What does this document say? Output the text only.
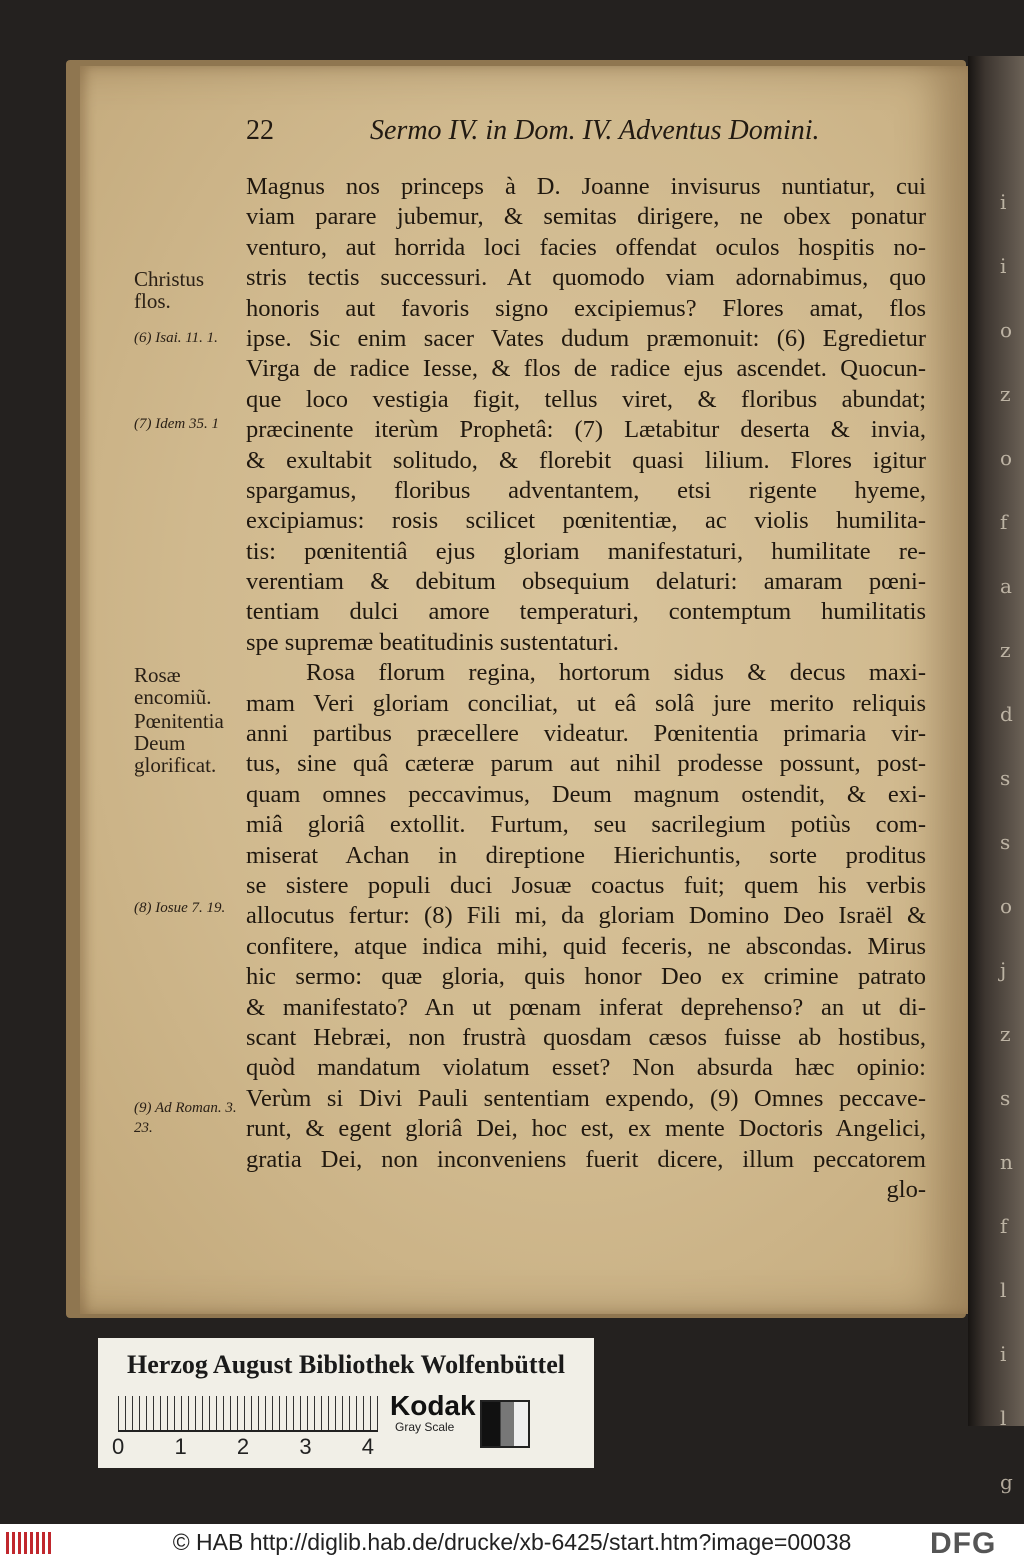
i
i
o
z
o
f
a
z
d
s
s
o
j
z
s
n
f
l
i
l
g
22	Sermo IV. in Dom. IV. Adventus Domini.
Christus flos.
(6) Isai. 11. 1.
(7) Idem 35. 1
Rosæ encomiũ.
Pœnitentia Deum glorificat.
(8) Iosue 7. 19.
(9) Ad Roman. 3. 23.
Magnus nos princeps à D. Joanne invisurus nuntiatur, cui
viam parare jubemur, & semitas dirigere, ne obex ponatur
venturo, aut horrida loci facies offendat oculos hospitis no-
stris tectis successuri. At quomodo viam adornabimus, quo
honoris aut favoris signo excipiemus? Flores amat, flos
ipse. Sic enim sacer Vates dudum præmonuit: (6) Egredietur
Virga de radice Iesse, & flos de radice ejus ascendet. Quocun-
que loco vestigia figit, tellus viret, & floribus abundat;
præcinente iterùm Prophetâ: (7) Lætabitur deserta & invia,
& exultabit solitudo, & florebit quasi lilium. Flores igitur
spargamus, floribus adventantem, etsi rigente hyeme,
excipiamus: rosis scilicet pœnitentiæ, ac violis humilita-
tis: pœnitentiâ ejus gloriam manifestaturi, humilitate re-
verentiam & debitum obsequium delaturi: amaram pœni-
tentiam dulci amore temperaturi, contemptum humilitatis
spe supremæ beatitudinis sustentaturi.
Rosa florum regina, hortorum sidus & decus maxi-
mam Veri gloriam conciliat, ut eâ solâ jure merito reliquis
anni partibus præcellere videatur. Pœnitentia primaria vir-
tus, sine quâ cæteræ parum aut nihil prodesse possunt, post-
quam omnes peccavimus, Deum magnum ostendit, & exi-
miâ gloriâ extollit. Furtum, seu sacrilegium potiùs com-
miserat Achan in direptione Hierichuntis, sorte proditus
se sistere populi duci Josuæ coactus fuit; quem his verbis
allocutus fertur: (8) Fili mi, da gloriam Domino Deo Israël &
confitere, atque indica mihi, quid feceris, ne abscondas. Mirus
hic sermo: quæ gloria, quis honor Deo ex crimine patrato
& manifestato? An ut pœnam inferat deprehenso? an ut di-
scant Hebræi, non frustrà quosdam cæsos fuisse ab hostibus,
quòd mandatum violatum esset? Non absurda hæc opinio:
Verùm si Divi Pauli sententiam expendo, (9) Omnes peccave-
runt, & egent gloriâ Dei, hoc est, ex mente Doctoris Angelici,
gratia Dei, non inconveniens fuerit dicere, illum peccatorem
glo-
Herzog August Bibliothek Wolfenbüttel
0 1 2 3 4
Kodak
Gray Scale
© HAB http://diglib.hab.de/drucke/xb-6425/start.htm?image=00038	DFG
